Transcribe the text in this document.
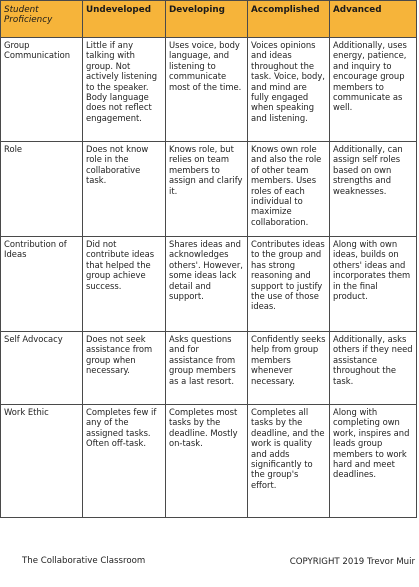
Student Proficiency	Undeveloped	Developing	Accomplished	Advanced
Group Communication	Little if any talking with group. Not actively listening to the speaker. Body language does not reflect engagement.	Uses voice, body language, and listening to communicate most of the time.	Voices opinions and ideas throughout the task. Voice, body, and mind are fully engaged when speaking and listening.	Additionally, uses energy, patience, and inquiry to encourage group members to communicate as well.
Role	Does not know role in the collaborative task.	Knows role, but relies on team members to assign and clarify it.	Knows own role and also the role of other team members. Uses roles of each individual to maximize collaboration.	Additionally, can assign self roles based on own strengths and weaknesses.
Contribution of Ideas	Did not contribute ideas that helped the group achieve success.	Shares ideas and acknowledges others'. However, some ideas lack detail and support.	Contributes ideas to the group and has strong reasoning and support to justify the use of those ideas.	Along with own ideas, builds on others' ideas and incorporates them in the final product.
Self Advocacy	Does not seek assistance from group when necessary.	Asks questions and for assistance from group members as a last resort.	Confidently seeks help from group members whenever necessary.	Additionally, asks others if they need assistance throughout the task.
Work Ethic	Completes few if any of the assigned tasks. Often off-task.	Completes most tasks by the deadline. Mostly on-task.	Completes all tasks by the deadline, and the work is quality and adds significantly to the group's effort.	Along with completing own work, inspires and leads group members to work hard and meet deadlines.
The Collaborative Classroom	COPYRIGHT 2019 Trevor Muir
